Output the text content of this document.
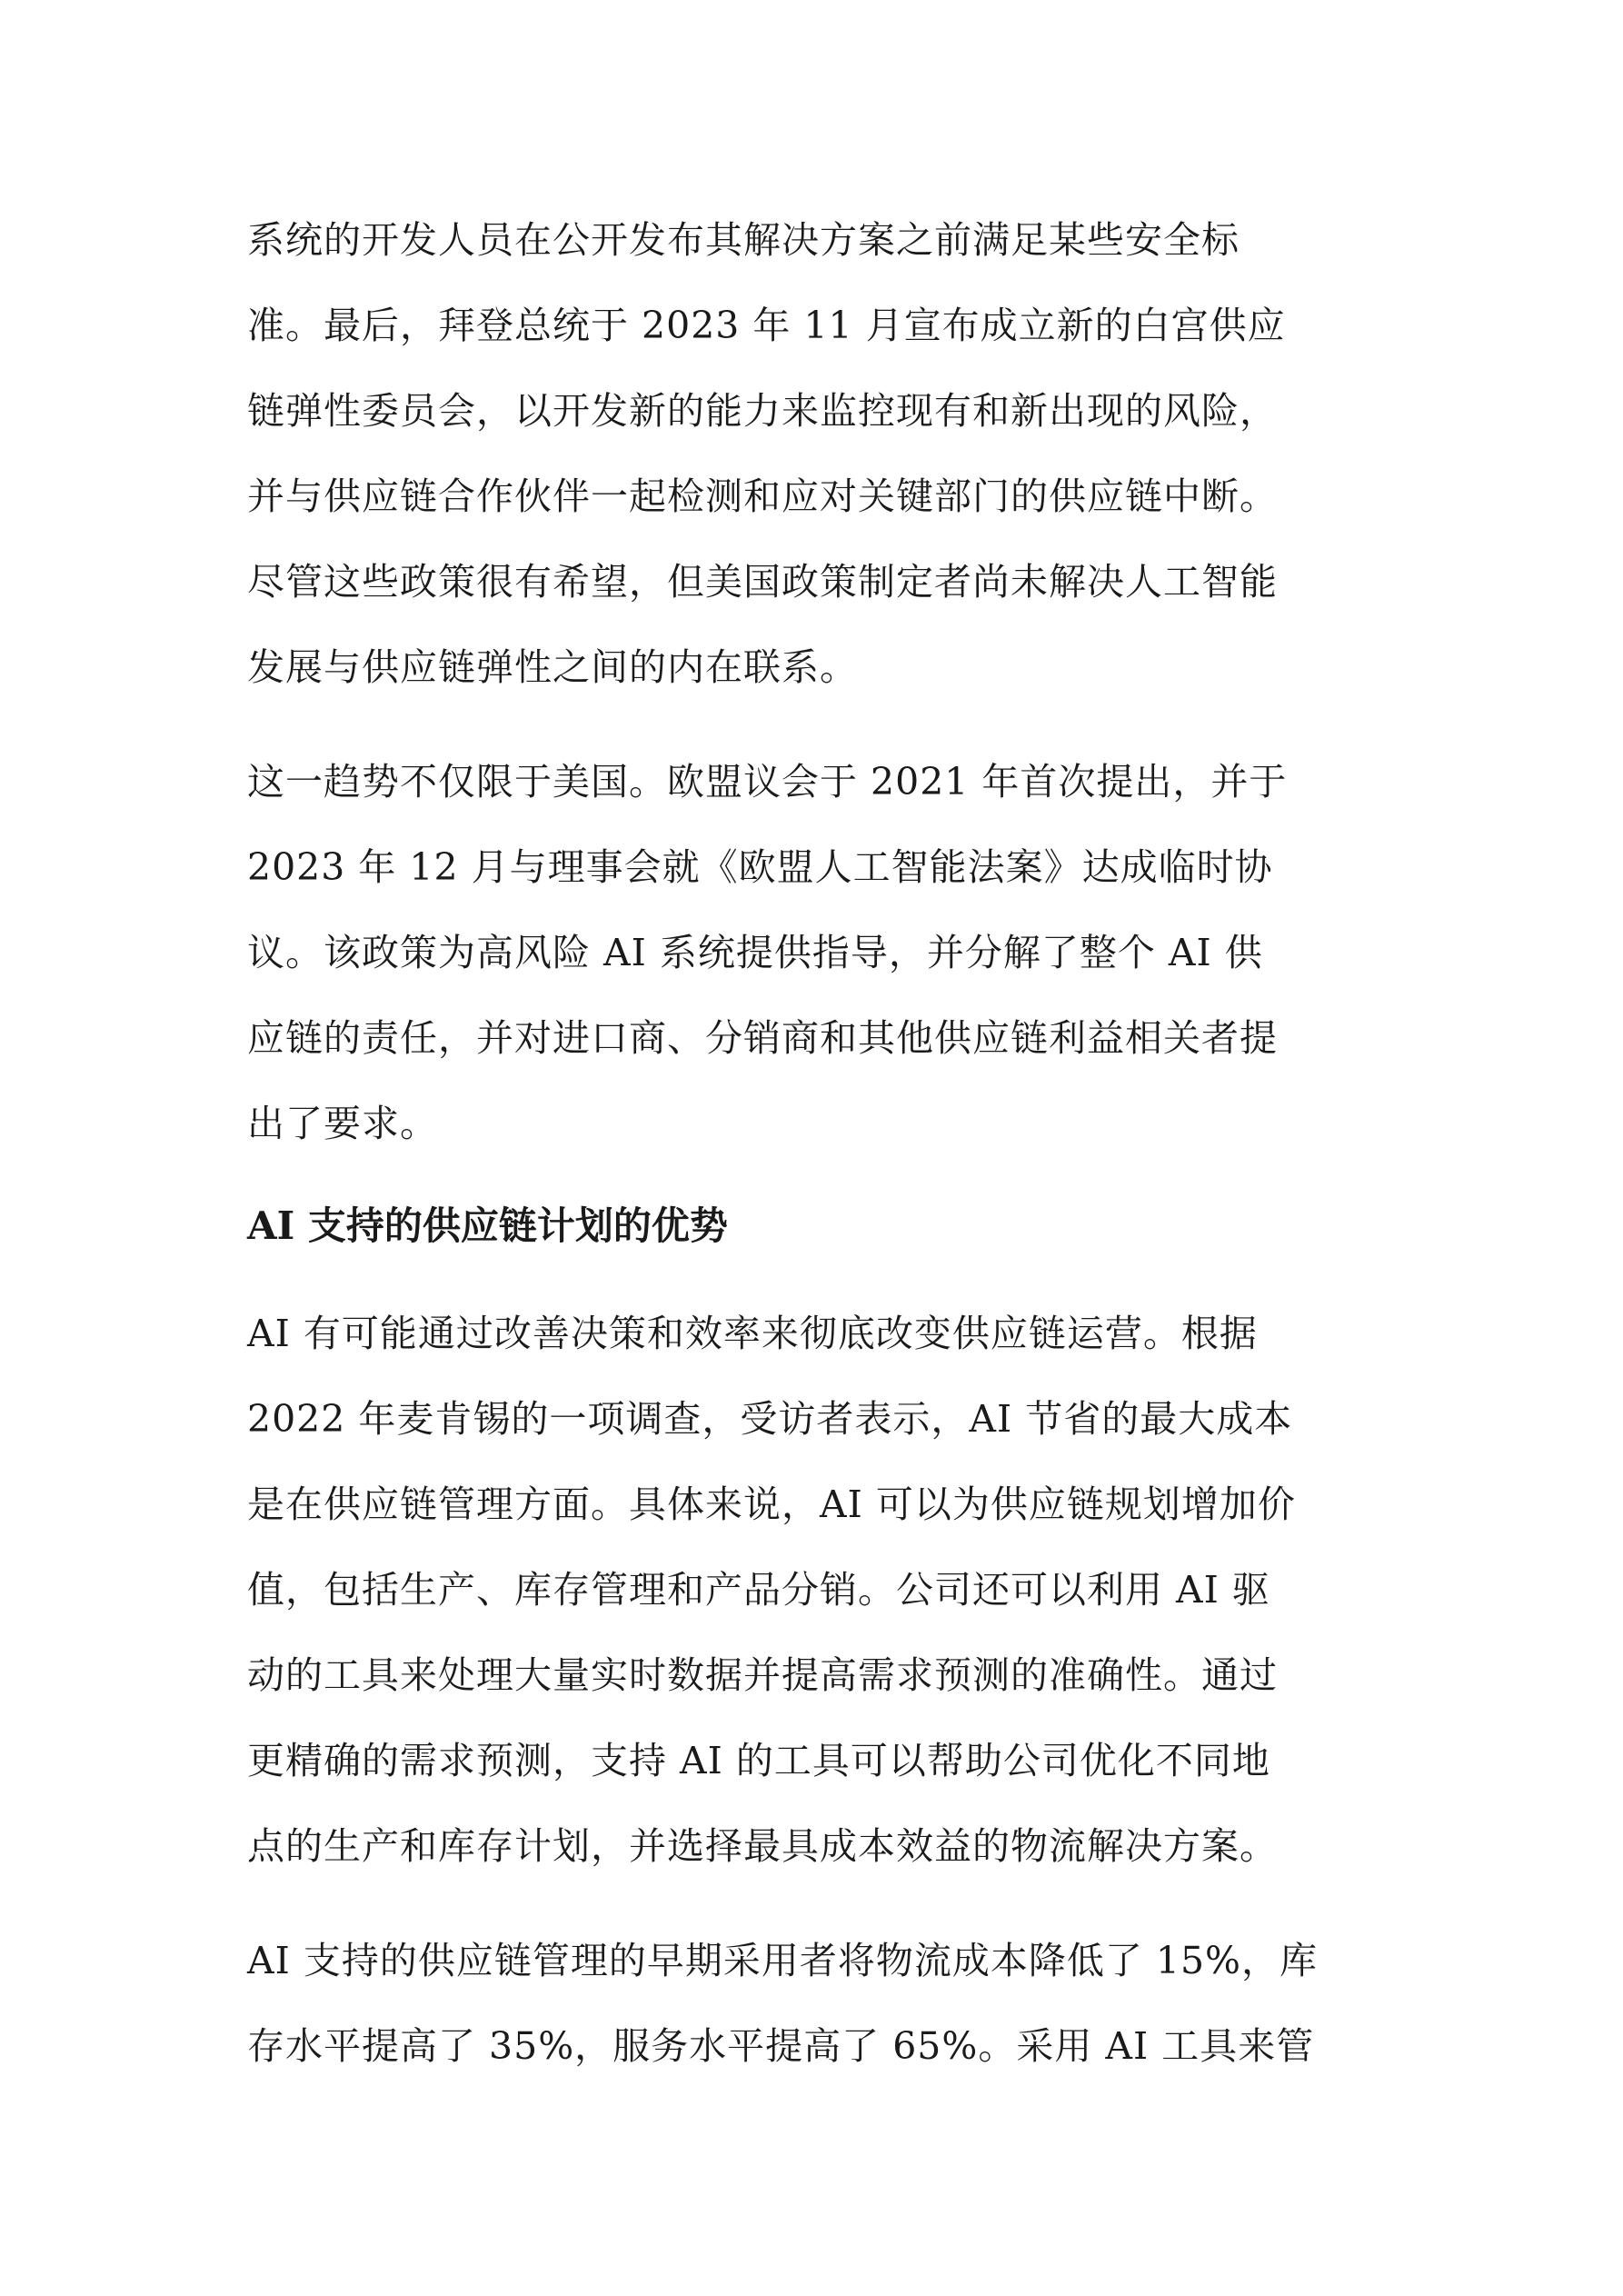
系统的开发人员在公开发布其解决方案之前满足某些安全标
准。最后，拜登总统于 2023 年 11 月宣布成立新的白宫供应
链弹性委员会，以开发新的能力来监控现有和新出现的风险，
并与供应链合作伙伴一起检测和应对关键部门的供应链中断。
尽管这些政策很有希望，但美国政策制定者尚未解决人工智能
发展与供应链弹性之间的内在联系。
这一趋势不仅限于美国。欧盟议会于 2021 年首次提出，并于
2023 年 12 月与理事会就《欧盟人工智能法案》达成临时协
议。该政策为高风险 AI 系统提供指导，并分解了整个 AI 供
应链的责任，并对进口商、分销商和其他供应链利益相关者提
出了要求。
AI 支持的供应链计划的优势
AI 有可能通过改善决策和效率来彻底改变供应链运营。根据
2022 年麦肯锡的一项调查，受访者表示，AI 节省的最大成本
是在供应链管理方面。具体来说，AI 可以为供应链规划增加价
值，包括生产、库存管理和产品分销。公司还可以利用 AI 驱
动的工具来处理大量实时数据并提高需求预测的准确性。通过
更精确的需求预测，支持 AI 的工具可以帮助公司优化不同地
点的生产和库存计划，并选择最具成本效益的物流解决方案。
AI 支持的供应链管理的早期采用者将物流成本降低了 15%，库
存水平提高了 35%，服务水平提高了 65%。采用 AI 工具来管
